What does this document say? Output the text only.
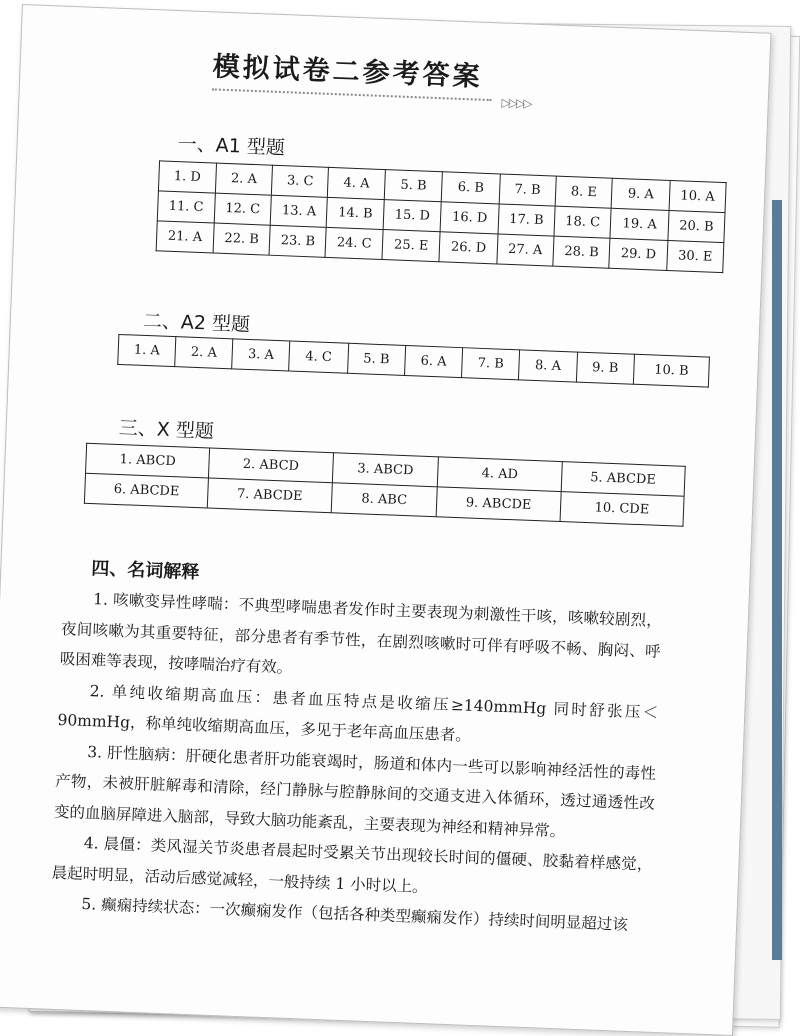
模拟试卷二参考答案
▷▷▷▷
一、A1 型题
1. D	2. A	3. C	4. A	5. B	6. B	7. B	8. E	9. A	10. A
11. C	12. C	13. A	14. B	15. D	16. D	17. B	18. C	19. A	20. B
21. A	22. B	23. B	24. C	25. E	26. D	27. A	28. B	29. D	30. E
二、A2 型题
1. A	2. A	3. A	4. C	5. B	6. A	7. B	8. A	9. B	10. B
三、X 型题
1. ABCD	2. ABCD	3. ABCD	4. AD	5. ABCDE
6. ABCDE	7. ABCDE	8. ABC	9. ABCDE	10. CDE
四、名词解释

1. 咳嗽变异性哮喘：不典型哮喘患者发作时主要表现为刺激性干咳，咳嗽较剧烈，夜间咳嗽为其重要特征，部分患者有季节性，在剧烈咳嗽时可伴有呼吸不畅、胸闷、呼吸困难等表现，按哮喘治疗有效。

2. 单纯收缩期高血压：患者血压特点是收缩压≥140mmHg 同时舒张压＜90mmHg，称单纯收缩期高血压，多见于老年高血压患者。

3. 肝性脑病：肝硬化患者肝功能衰竭时，肠道和体内一些可以影响神经活性的毒性产物，未被肝脏解毒和清除，经门静脉与腔静脉间的交通支进入体循环，透过通透性改变的血脑屏障进入脑部，导致大脑功能紊乱，主要表现为神经和精神异常。

4. 晨僵：类风湿关节炎患者晨起时受累关节出现较长时间的僵硬、胶黏着样感觉，晨起时明显，活动后感觉减轻，一般持续 1 小时以上。

5. 癫痫持续状态：一次癫痫发作（包括各种类型癫痫发作）持续时间明显超过该
